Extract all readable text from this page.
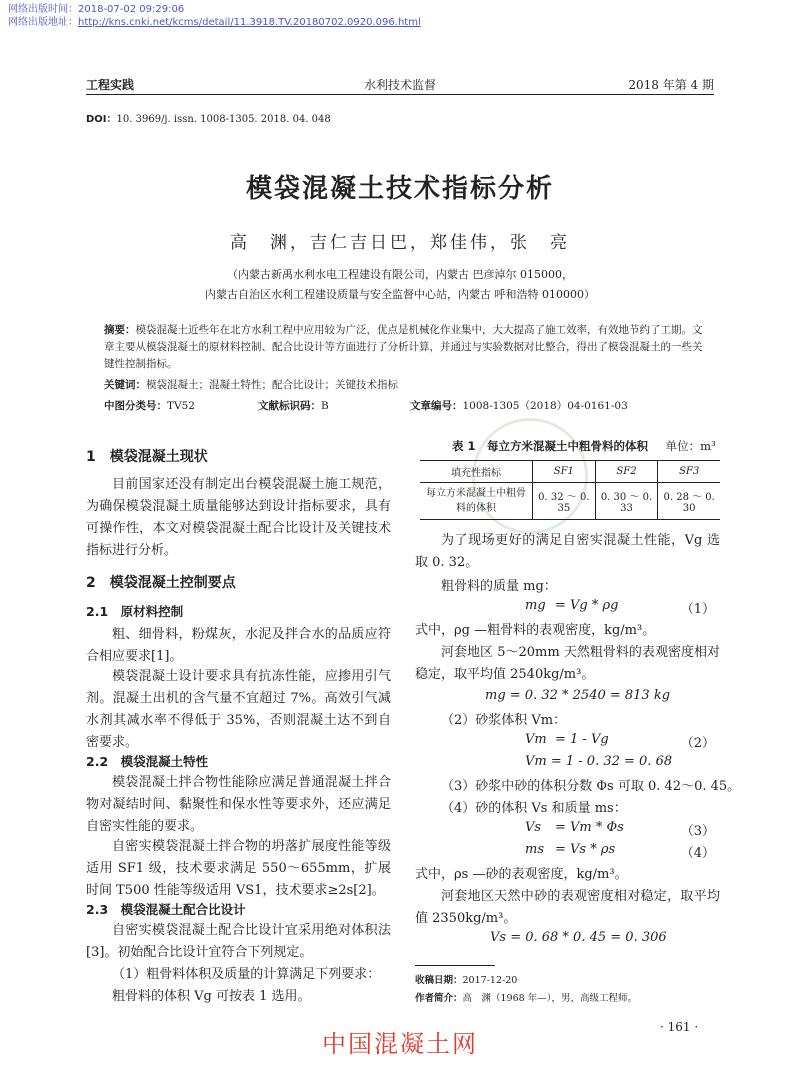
网络出版时间：2018-07-02 09:29:06
网络出版地址：http://kns.cnki.net/kcms/detail/11.3918.TV.20180702.0920.096.html
工程实践	水利技术监督	2018 年第 4 期
DOI：10. 3969/j. issn. 1008-1305. 2018. 04. 048
模袋混凝土技术指标分析
高　渊，吉仁吉日巴，郑佳伟，张　亮
（内蒙古新禹水利水电工程建设有限公司，内蒙古 巴彦淖尔 015000，
内蒙古自治区水利工程建设质量与安全监督中心站，内蒙古 呼和浩特 010000）
摘要：模袋混凝土近些年在北方水利工程中应用较为广泛，优点是机械化作业集中，大大提高了施工效率，有效地节约了工期。文章主要从模袋混凝土的原材料控制、配合比设计等方面进行了分析计算，并通过与实验数据对比整合，得出了模袋混凝土的一些关键性控制指标。
关键词：模袋混凝土；混凝土特性；配合比设计；关键技术指标
中图分类号：TV52	文献标识码：B	文章编号：1008-1305（2018）04-0161-03
1　模袋混凝土现状
目前国家还没有制定出台模袋混凝土施工规范，为确保模袋混凝土质量能够达到设计指标要求，具有可操作性，本文对模袋混凝土配合比设计及关键技术指标进行分析。
2　模袋混凝土控制要点
2.1　原材料控制
粗、细骨料，粉煤灰，水泥及拌合水的品质应符合相应要求[1]。
模袋混凝土设计要求具有抗冻性能，应掺用引气剂。混凝土出机的含气量不宜超过 7%。高效引气减水剂其减水率不得低于 35%，否则混凝土达不到自密要求。
2.2　模袋混凝土特性
模袋混凝土拌合物性能除应满足普通混凝土拌合物对凝结时间、黏聚性和保水性等要求外，还应满足自密实性能的要求。
自密实模袋混凝土拌合物的坍落扩展度性能等级适用 SF1 级，技术要求满足 550～655mm，扩展时间 T500 性能等级适用 VS1，技术要求≥2s[2]。
2.3　模袋混凝土配合比设计
自密实模袋混凝土配合比设计宜采用绝对体积法[3]。初始配合比设计宜符合下列规定。
（1）粗骨料体积及质量的计算满足下列要求：
粗骨料的体积 Vg 可按表 1 选用。
表 1　每立方米混凝土中粗骨料的体积 单位：m³
填充性指标	SF1	SF2	SF3
每立方米混凝土中粗骨料的体积	0. 32 ～ 0. 35	0. 30 ～ 0. 33	0. 28 ～ 0. 30
为了现场更好的满足自密实混凝土性能，Vg 选取 0. 32。
粗骨料的质量 mg：
mg = Vg * ρg	（1）
式中，ρg —粗骨料的表观密度，kg/m³。
河套地区 5～20mm 天然粗骨料的表观密度相对稳定，取平均值 2540kg/m³。
mg = 0. 32 * 2540 = 813 kg
（2）砂浆体积 Vm：
Vm = 1 - Vg	（2）
Vm = 1 - 0. 32 = 0. 68
（3）砂浆中砂的体积分数 Φs 可取 0. 42～0. 45。
（4）砂的体积 Vs 和质量 ms：
Vs = Vm * Φs	（3）
ms = Vs * ρs	（4）
式中，ρs —砂的表观密度，kg/m³。
河套地区天然中砂的表观密度相对稳定，取平均值 2350kg/m³。
Vs = 0. 68 * 0. 45 = 0. 306
收稿日期：2017-12-20
作者简介：高　渊（1968 年—），男，高级工程师。
· 161 ·
中国混凝土网
